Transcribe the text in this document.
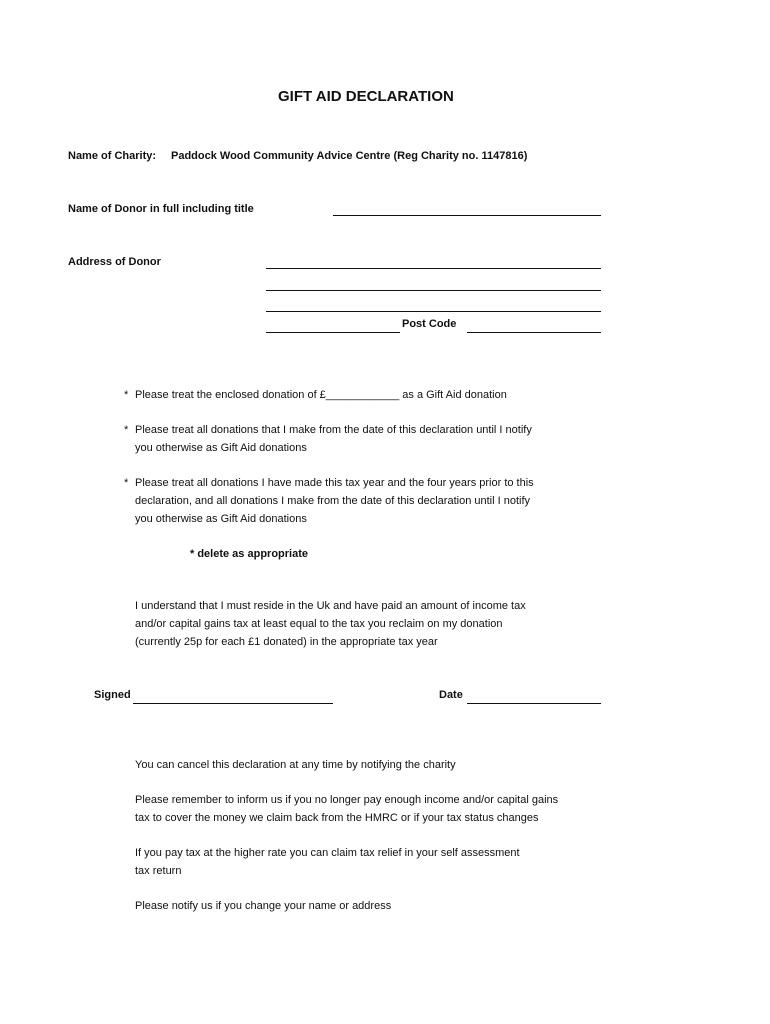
GIFT AID DECLARATION
Name of Charity: Paddock Wood Community Advice Centre (Reg Charity no. 1147816)
Name of Donor in full including title
Address of Donor
Post Code
* Please treat the enclosed donation of £____________ as a Gift Aid donation
* Please treat all donations that I make from the date of this declaration until I notify
you otherwise as Gift Aid donations
* Please treat all donations I have made this tax year and the four years prior to this
declaration, and all donations I make from the date of this declaration until I notify
you otherwise as Gift Aid donations
* delete as appropriate
I understand that I must reside in the Uk and have paid an amount of income tax
and/or capital gains tax at least equal to the tax you reclaim on my donation
(currently 25p for each £1 donated) in the appropriate tax year
Signed	Date
You can cancel this declaration at any time by notifying the charity
Please remember to inform us if you no longer pay enough income and/or capital gains
tax to cover the money we claim back from the HMRC or if your tax status changes
If you pay tax at the higher rate you can claim tax relief in your self assessment
tax return
Please notify us if you change your name or address
